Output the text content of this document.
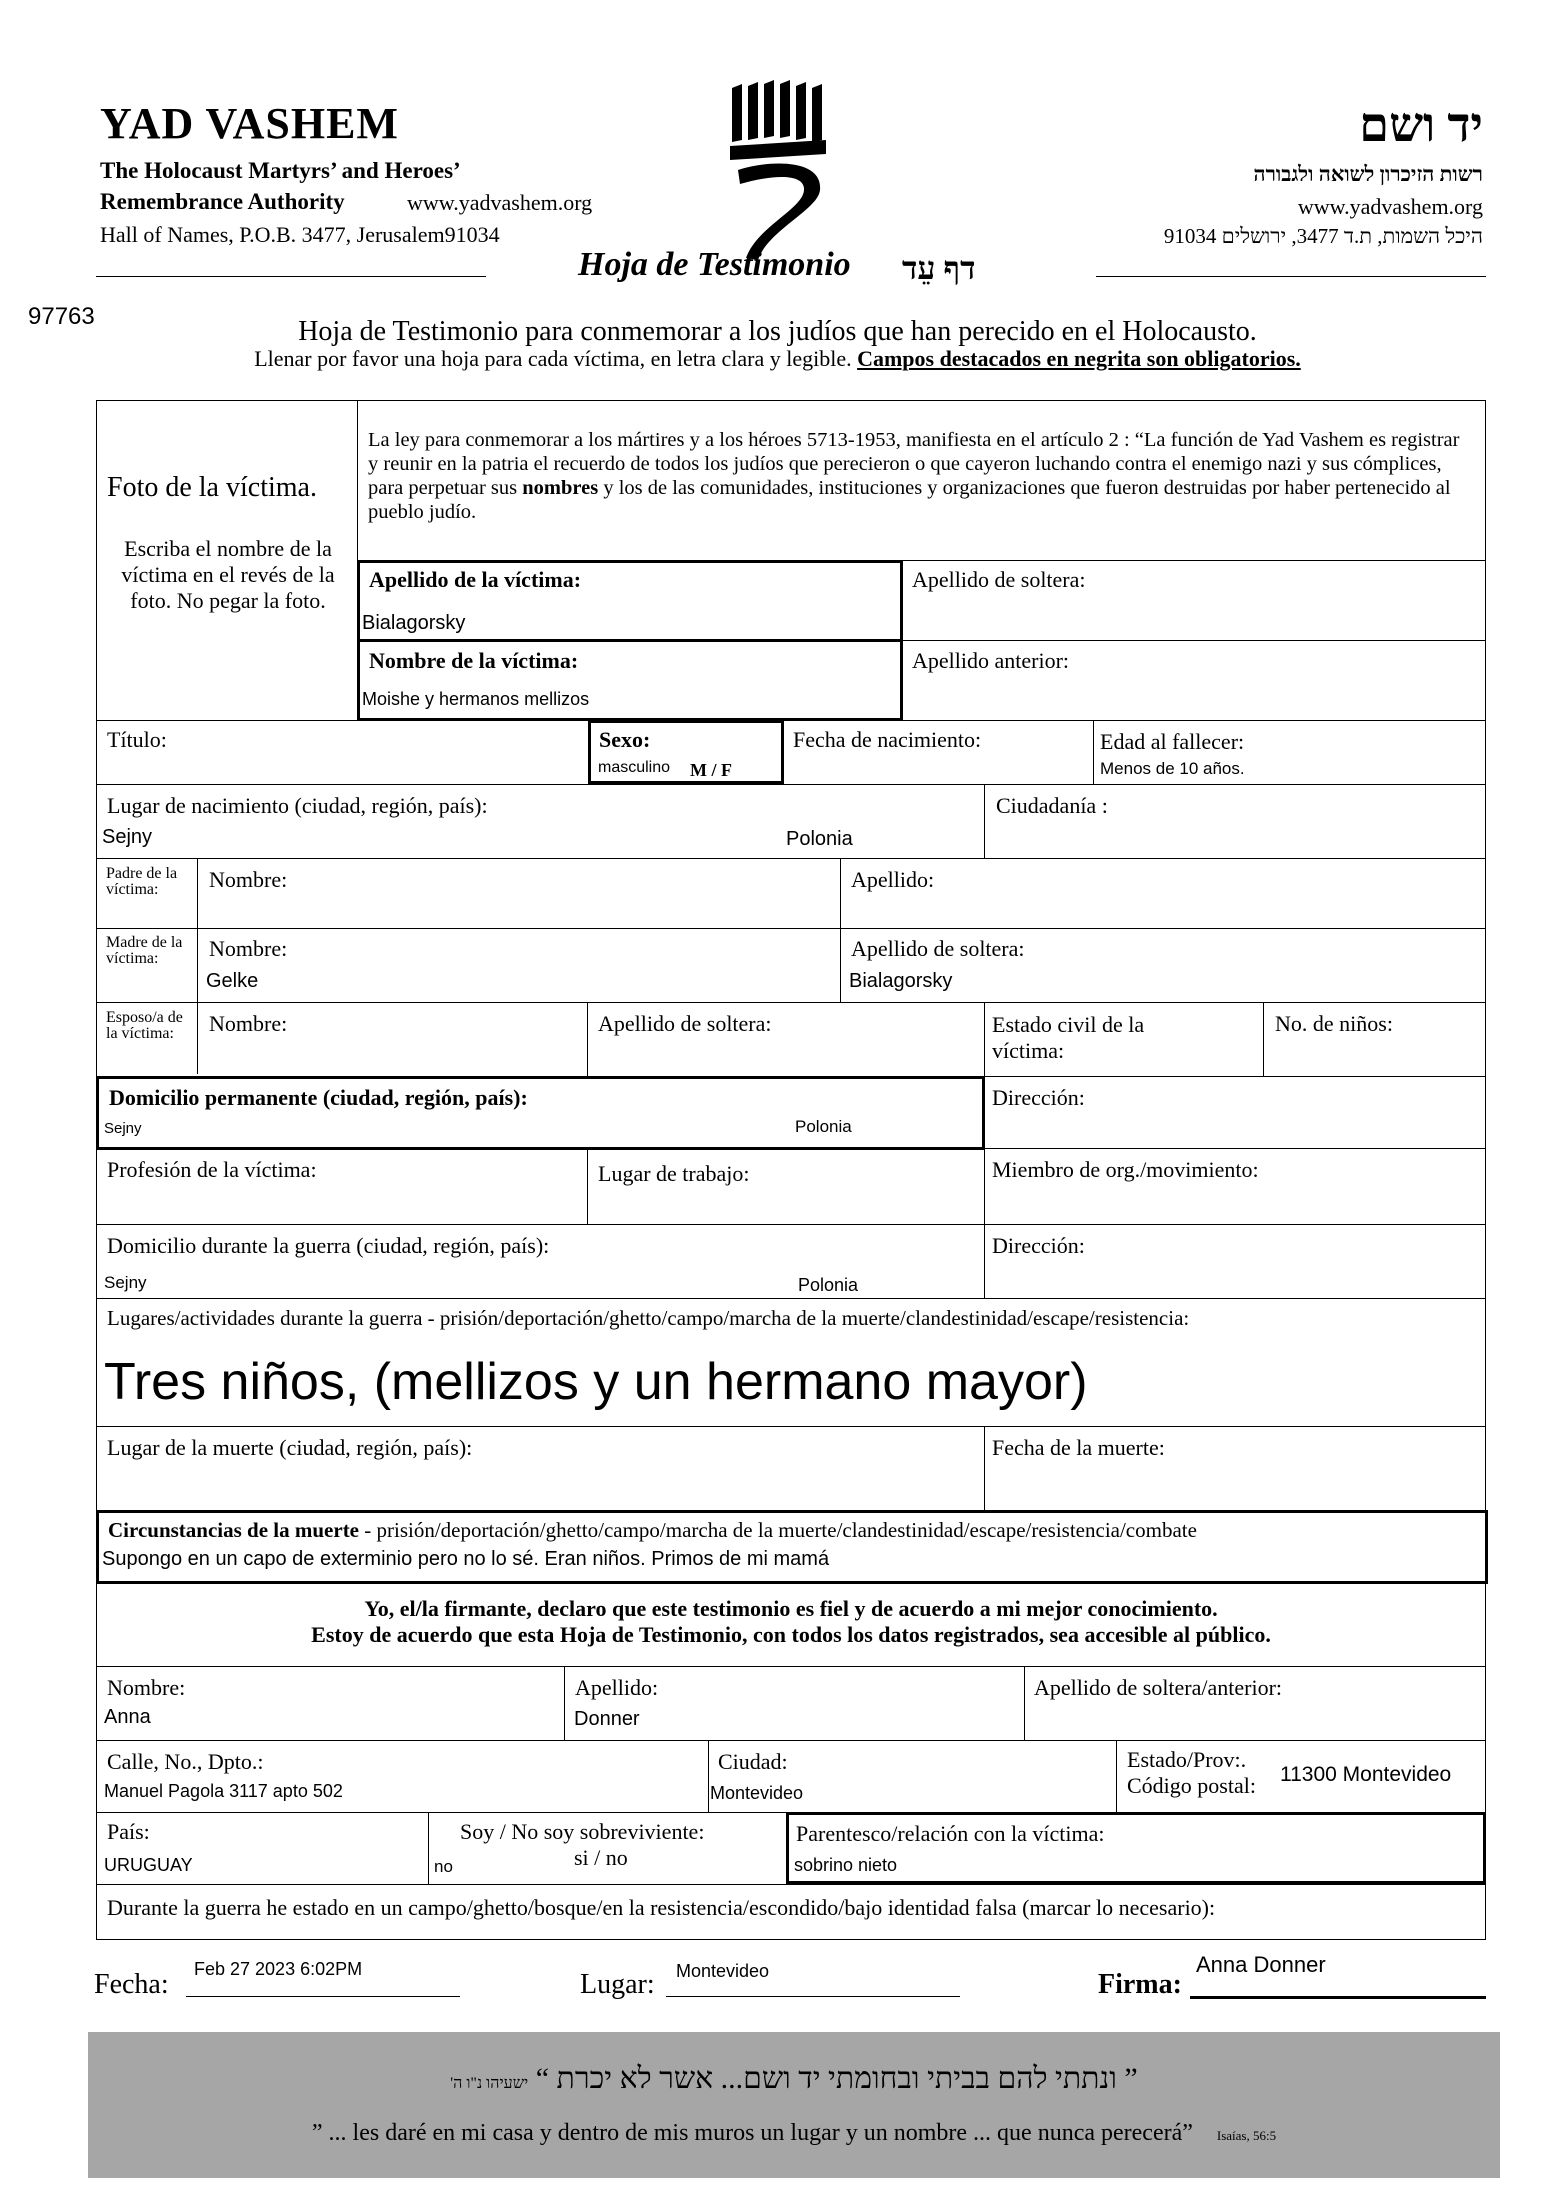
YAD VASHEM
The Holocaust Martyrs’ and Heroes’
Remembrance Authority	www.yadvashem.org
Hall of Names, P.O.B. 3477, Jerusalem91034
Hoja de Testimonio דף עֵד
יד ושם
רשות הזיכרון לשואה ולגבורה
www.yadvashem.org
היכל השמות, ת.ד 3477, ירושלים 91034
97763	Hoja de Testimonio para conmemorar a los judíos que han perecido en el Holocausto.
Llenar por favor una hoja para cada víctima, en letra clara y legible. Campos destacados en negrita son obligatorios.
Foto de la víctima.
Escriba el nombre de la víctima en el revés de la foto. No pegar la foto.
La ley para conmemorar a los mártires y a los héroes 5713-1953, manifiesta en el artículo 2 : “La función de Yad Vashem es registrar y reunir en la patria el recuerdo de todos los judíos que perecieron o que cayeron luchando contra el enemigo nazi y sus cómplices, para perpetuar sus nombres y los de las comunidades, instituciones y organizaciones que fueron destruidas por haber pertenecido al pueblo judío.
Apellido de la víctima:
Bialagorsky
Nombre de la víctima:
Moishe y hermanos mellizos
Apellido de soltera:
Apellido anterior:
Título:	Sexo:
masculino M / F
Fecha de nacimiento:	Edad al fallecer:
Menos de 10 años.
Lugar de nacimiento (ciudad, región, país):
Sejny	Polonia
Ciudadanía :
Padre de la víctima:	Nombre:	Apellido:
Madre de la víctima:	Nombre:
Gelke
Apellido de soltera:
Bialagorsky
Esposo/a de la víctima:	Nombre:	Apellido de soltera:	Estado civil de la víctima:
No. de niños:
Domicilio permanente (ciudad, región, país):
Sejny	Polonia
Dirección:
Profesión de la víctima:	Lugar de trabajo:	Miembro de org./movimiento:
Domicilio durante la guerra (ciudad, región, país):
Sejny	Polonia
Dirección:
Lugares/actividades durante la guerra - prisión/deportación/ghetto/campo/marcha de la muerte/clandestinidad/escape/resistencia:
Tres niños, (mellizos y un hermano mayor)
Lugar de la muerte (ciudad, región, país):	Fecha de la muerte:
Circunstancias de la muerte - prisión/deportación/ghetto/campo/marcha de la muerte/clandestinidad/escape/resistencia/combate
Supongo en un capo de exterminio pero no lo sé. Eran niños. Primos de mi mamá
Yo, el/la firmante, declaro que este testimonio es fiel y de acuerdo a mi mejor conocimiento.
Estoy de acuerdo que esta Hoja de Testimonio, con todos los datos registrados, sea accesible al público.
Nombre:
Anna
Apellido:
Donner
Apellido de soltera/anterior:
Calle, No., Dpto.:
Manuel Pagola 3117 apto 502
Ciudad:
Montevideo
Estado/Prov:.
Código postal: 11300 Montevideo
País:
URUGUAY
Soy / No soy sobreviviente:
si / no
no
Parentesco/relación con la víctima:
sobrino nieto
Durante la guerra he estado en un campo/ghetto/bosque/en la resistencia/escondido/bajo identidad falsa (marcar lo necesario):
Fecha: Feb 27 2023 6:02PM	Lugar: Montevideo	Firma:
Anna Donner
” ונתתי להם בביתי ובחומתי יד ושם... אשר לא יכרת “ ישעיהו נ"ו ה'
” ... les daré en mi casa y dentro de mis muros un lugar y un nombre ... que nunca perecerá” Isaías, 56:5
